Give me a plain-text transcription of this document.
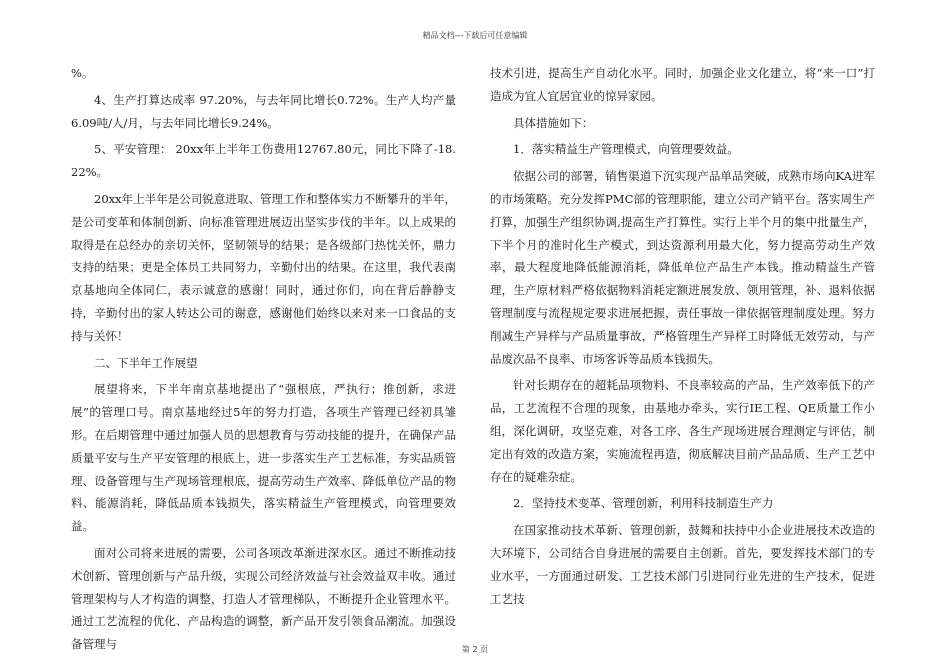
精品文档---下载后可任意编辑

%。

4、生产打算达成率 97.20%，与去年同比增长0.72%。生产人均产量6.09吨/人/月，与去年同比增长9.24%。

5、平安管理： 20xx年上半年工伤费用12767.80元，同比下降了-18.22%。

20xx年上半年是公司锐意进取、管理工作和整体实力不断攀升的半年，是公司变革和体制创新、向标准管理进展迈出坚实步伐的半年。以上成果的取得是在总经办的亲切关怀，坚韧领导的结果；是各级部门热忱关怀，鼎力支持的结果；更是全体员工共同努力，辛勤付出的结果。在这里，我代表南京基地向全体同仁，表示诚意的感谢！同时，通过你们，向在背后静静支持，辛勤付出的家人转达公司的谢意，感谢他们始终以来对来一口食品的支持与关怀！

二、下半年工作展望

展望将来，下半年南京基地提出了“强根底，严执行；推创新，求进展”的管理口号。南京基地经过5年的努力打造，各项生产管理已经初具雏形。在后期管理中通过加强人员的思想教育与劳动技能的提升，在确保产品质量平安与生产平安管理的根底上，进一步落实生产工艺标准，夯实品质管理、设备管理与生产现场管理根底，提高劳动生产效率、降低单位产品的物料、能源消耗，降低品质本钱损失，落实精益生产管理模式，向管理要效益。

面对公司将来进展的需要，公司各项改革渐进深水区。通过不断推动技术创新、管理创新与产品升级，实现公司经济效益与社会效益双丰收。通过管理架构与人才构造的调整，打造人才管理梯队，不断提升企业管理水平。通过工艺流程的优化、产品构造的调整，新产品开发引领食品潮流。加强设备管理与

技术引进，提高生产自动化水平。同时，加强企业文化建立，将“来一口”打造成为宜人宜居宜业的惊异家园。

具体措施如下：

1．落实精益生产管理模式，向管理要效益。

依据公司的部署，销售渠道下沉实现产品单品突破，成熟市场向KA进军的市场策略。充分发挥PMC部的管理职能，建立公司产销平台。落实周生产打算，加强生产组织协调,提高生产打算性。实行上半个月的集中批量生产，下半个月的准时化生产模式，到达资源利用最大化，努力提高劳动生产效率，最大程度地降低能源消耗，降低单位产品生产本钱。推动精益生产管理，生产原材料严格依据物料消耗定额进展发放、领用管理，补、退料依据管理制度与流程规定要求进展把握，责任事故一律依据管理制度处理。努力削减生产异样与产品质量事故，严格管理生产异样工时降低无效劳动，与产品废次品不良率、市场客诉等品质本钱损失。

针对长期存在的超耗品项物料、不良率较高的产品，生产效率低下的产品，工艺流程不合理的现象，由基地办牵头，实行IE工程、QE质量工作小组，深化调研，攻坚克难，对各工序、各生产现场进展合理测定与评估，制定出有效的改造方案，实施流程再造，彻底解决目前产品品质、生产工艺中存在的疑难杂症。

2．坚持技术变革、管理创新，利用科技制造生产力

在国家推动技术革新、管理创新，鼓舞和扶持中小企业进展技术改造的大环境下，公司结合自身进展的需要自主创新。首先，要发挥技术部门的专业水平，一方面通过研发、工艺技术部门引进同行业先进的生产技术，促进工艺技

第 2 页
